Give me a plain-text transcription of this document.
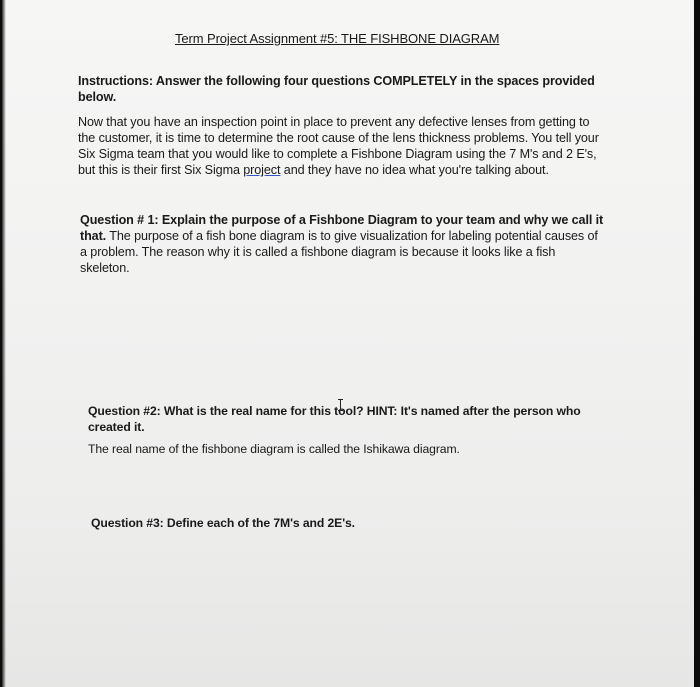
Term Project Assignment #5: THE FISHBONE DIAGRAM
Instructions: Answer the following four questions COMPLETELY in the spaces provided
below.
Now that you have an inspection point in place to prevent any defective lenses from getting to
the customer, it is time to determine the root cause of the lens thickness problems. You tell your
Six Sigma team that you would like to complete a Fishbone Diagram using the 7 M's and 2 E's,
but this is their first Six Sigma project and they have no idea what you're talking about.
Question # 1: Explain the purpose of a Fishbone Diagram to your team and why we call it
that. The purpose of a fish bone diagram is to give visualization for labeling potential causes of
a problem. The reason why it is called a fishbone diagram is because it looks like a fish
skeleton.
Question #2: What is the real name for this tool? HINT: It's named after the person who
created it.
The real name of the fishbone diagram is called the Ishikawa diagram.
Question #3: Define each of the 7M's and 2E's.
